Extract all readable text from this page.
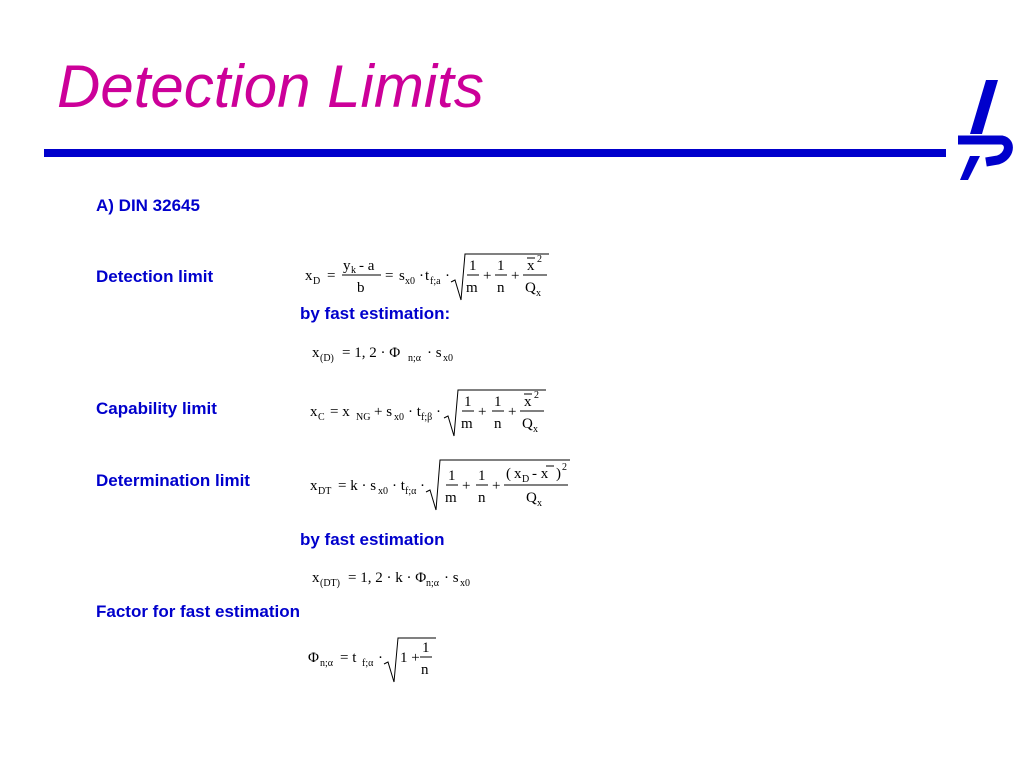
Detection Limits
A) DIN 32645
Detection limit	x D =
y k - a
b
= s x0 · t f;a ·
1
m
+
1
n
+
x 2
Q x
by fast estimation:
x (D) = 1, 2 · Φ n;α · s x0
Capability limit	x C = x NG + s x0 · t f;β ·
1
m
+
1
n
+
x 2
Q x
Determination limit	x DT = k · s x0 · t f;α ·
1
m
+
1
n
+
( x D - x ) 2
Q x
by fast estimation
x (DT) = 1, 2 · k · Φ n;α · s x0
Factor for fast estimation
Φ n;α = t f;α · 1 +
1
n
